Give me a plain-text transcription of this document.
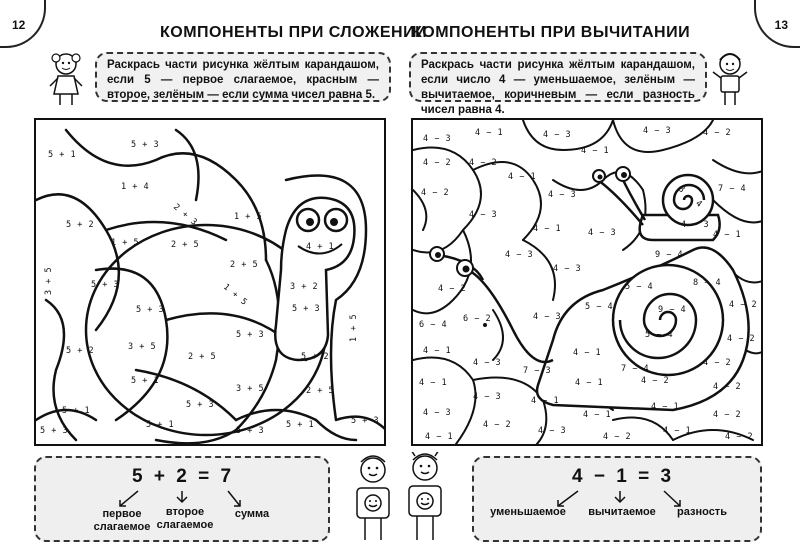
12	13
КОМПОНЕНТЫ ПРИ СЛОЖЕНИИ
КОМПОНЕНТЫ ПРИ ВЫЧИТАНИИ
Раскрась части рисунка жёлтым карандашом, если 5 — первое слагаемое, красным — второе, зелёным — если сумма чисел равна 5.
Раскрась части рисунка жёлтым карандашом, если число 4 — уменьшаемое, зелёным — вычитаемое, коричневым — если разность чисел равна 4.
5 + 3
5 + 1
1 + 4
2 + 3	1 + 5
5 + 2
1 + 5	2 + 5	4 + 1
2 + 5
3 + 5	1 + 5
5 + 3	3 + 2
5 + 3
5 + 2	3 + 5
2 + 5
5 + 3
5 + 1
5 + 3	1 + 5
5 + 2
5 + 3
5 + 1
3 + 5	2 + 5
5 + 1
5 + 3
5 + 1	5 + 3
5 + 3
4 − 3
4 − 1
4 − 2
4 − 3
4 − 1
4 − 3	4 − 2
4 − 2
4 − 1
8 − 4
4 − 3
4 − 2	7 − 4
4 − 3
4 − 1	4 − 3
9 − 4
4 − 3
4 − 1
5 − 4
4 − 2
8 − 4
4 − 3
9 − 4
5 − 4	4 − 2
6 − 4
4 − 3
5 − 4	4 − 2
6 − 2
4 − 1	4 − 1
4 − 2
4 − 3
7 − 3
4 − 1	4 − 1	4 − 2
4 − 2
4 − 3	4 − 1
7 − 4
4 − 3	4 − 1	4 − 2
4 − 1
4 − 2
4 − 3
4 − 1	4 − 2
4 − 1
4 − 2
4 − 3
5 + 2 = 7
первое слагаемое
второе слагаемое
сумма
4 − 1 = 3
уменьшаемое	вычитаемое	разность
